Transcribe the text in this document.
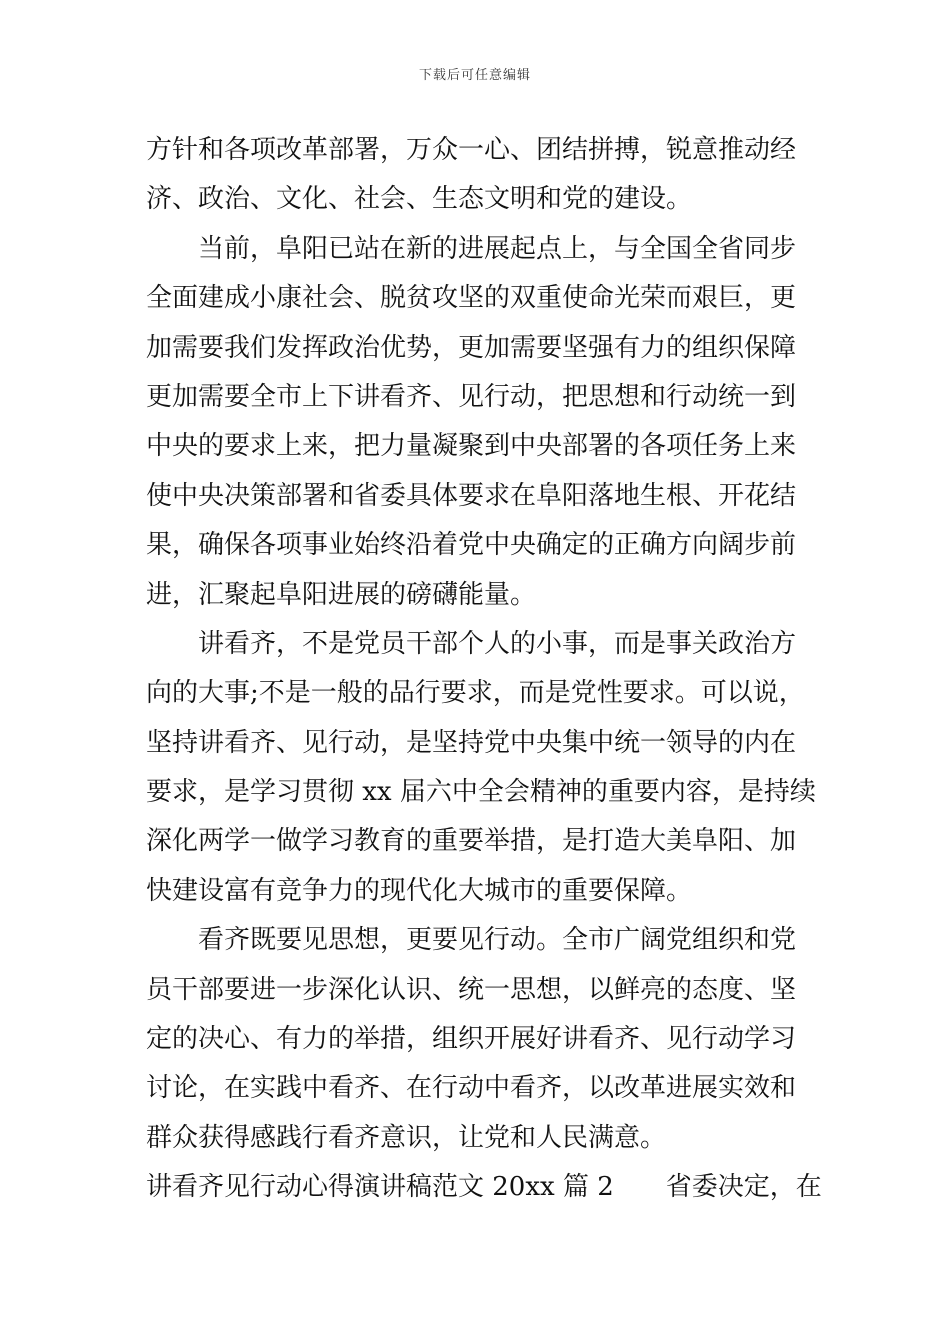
下载后可任意编辑
方针和各项改革部署，万众一心、团结拼搏，锐意推动经
济、政治、文化、社会、生态文明和党的建设。
当前，阜阳已站在新的进展起点上，与全国全省同步
全面建成小康社会、脱贫攻坚的双重使命光荣而艰巨，更
加需要我们发挥政治优势，更加需要坚强有力的组织保障
更加需要全市上下讲看齐、见行动，把思想和行动统一到
中央的要求上来，把力量凝聚到中央部署的各项任务上来
使中央决策部署和省委具体要求在阜阳落地生根、开花结
果，确保各项事业始终沿着党中央确定的正确方向阔步前
进，汇聚起阜阳进展的磅礴能量。
讲看齐，不是党员干部个人的小事，而是事关政治方
向的大事;不是一般的品行要求，而是党性要求。可以说，
坚持讲看齐、见行动，是坚持党中央集中统一领导的内在
要求，是学习贯彻 xx 届六中全会精神的重要内容，是持续
深化两学一做学习教育的重要举措，是打造大美阜阳、加
快建设富有竞争力的现代化大城市的重要保障。
看齐既要见思想，更要见行动。全市广阔党组织和党
员干部要进一步深化认识、统一思想，以鲜亮的态度、坚
定的决心、有力的举措，组织开展好讲看齐、见行动学习
讨论，在实践中看齐、在行动中看齐，以改革进展实效和
群众获得感践行看齐意识，让党和人民满意。
讲看齐见行动心得演讲稿范文 20xx 篇 2 省委决定，在
